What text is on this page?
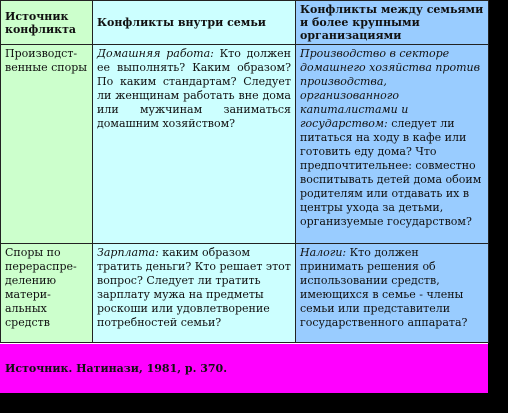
Источник конфликта	Конфликты внутри семьи	Конфликты между семьями и более крупными организациями
Производст-венные споры	Домашняя работа: Кто должен ее выполнять? Каким образом? По каким стандартам? Следует ли женщинам работать вне дома или мужчинам заниматься домашним хозяйством?	Производство в секторе домашнего хозяйства против производства, организованного капиталистами и государством: следует ли питаться на ходу в кафе или готовить еду дома? Что предпочтительнее: совместно воспитывать детей дома обоим родителям или отдавать их в центры ухода за детьми, организуемые государством?
Споры по перераспре-делению матери-альных средств	Зарплата: каким образом тратить деньги? Кто решает этот вопрос? Следует ли тратить зарплату мужа на предметы роскоши или удовлетворение потребностей семьи?	Налоги: Кто должен принимать решения об использовании средств, имеющихся в семье - члены семьи или представители государственного аппарата?
Источник. Натинази, 1981, р. 370.
